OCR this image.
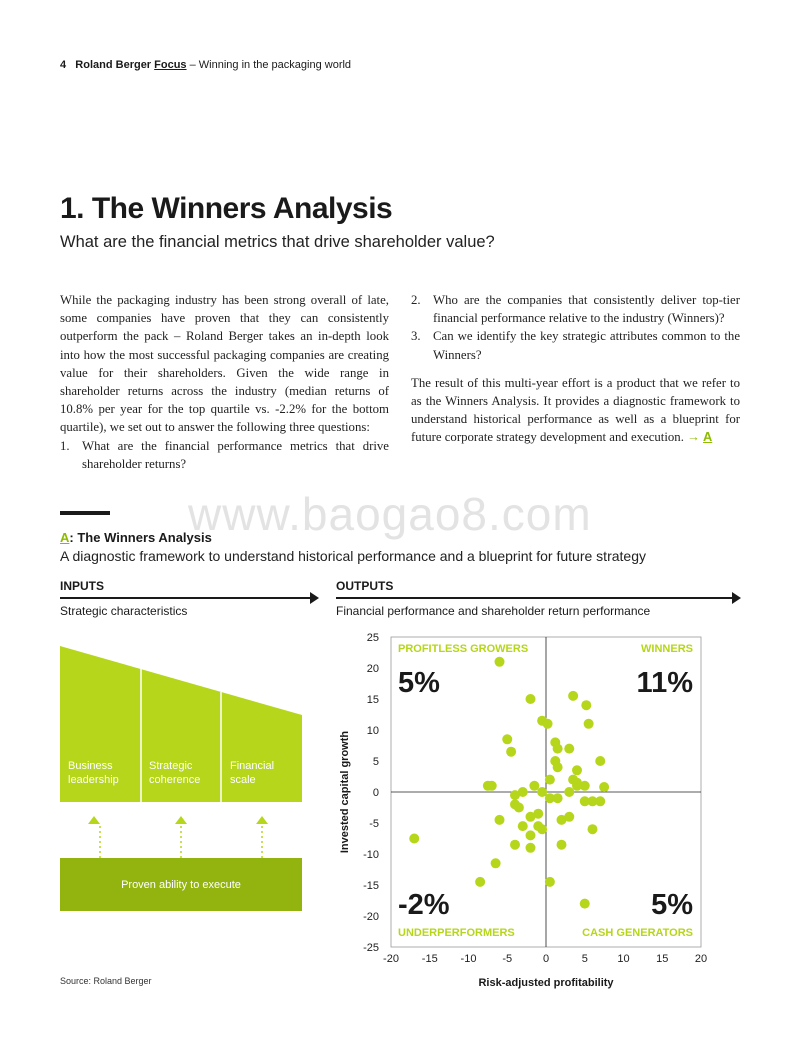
4 Roland Berger Focus – Winning in the packaging world
1. The Winners Analysis
What are the financial metrics that drive shareholder value?

While the packaging industry has been strong overall of late, some companies have proven that they can consistently outperform the pack – Roland Berger takes an in-depth look into how the most successful packaging companies are creating value for their shareholders. Given the wide range in shareholder returns across the industry (median returns of 10.8% per year for the top quartile vs. -2.2% for the bottom quartile), we set out to answer the following three questions:

1. What are the financial performance metrics that drive shareholder returns?
2. Who are the companies that consistently deliver top-tier financial performance relative to the industry (Winners)?
3. Can we identify the key strategic attributes common to the Winners?

The result of this multi-year effort is a product that we refer to as the Winners Analysis. It provides a diagnostic framework to understand historical performance as well as a blueprint for future corporate strategy development and execution. → A

www.baogao8.com
A: The Winners Analysis
A diagnostic framework to understand historical performance and a blueprint for future strategy
INPUTS	OUTPUTS
Strategic characteristics	Financial performance and shareholder return performance
Business
leadership
Strategic
coherence
Financial
scale
Proven ability to execute
25
20
15
10
5
0
-5
-10
-15
-20
-25
-20 -15 -10 -5	0	5	10 15 20
PROFITLESS GROWERS	WINNERS
UNDERPERFORMERS	CASH GENERATORS
5%	11%
-2%	5%
Risk-adjusted profitability
Invested capital growth
Source: Roland Berger
